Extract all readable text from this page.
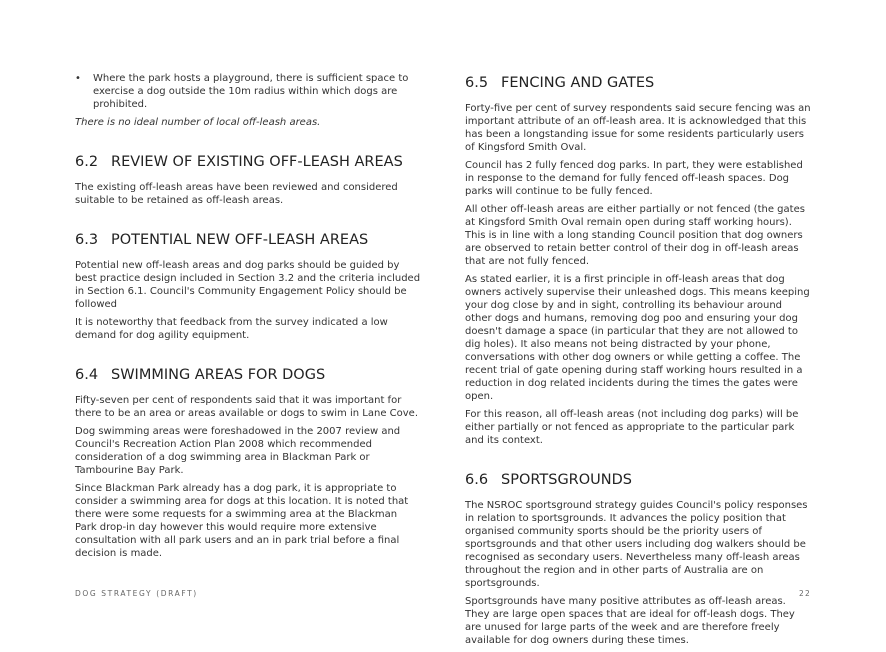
• Where the park hosts a playground, there is sufficient space to exercise a dog outside the 10m radius within which dogs are prohibited.

There is no ideal number of local off-leash areas.

6.2 REVIEW OF EXISTING OFF-LEASH AREAS

The existing off-leash areas have been reviewed and considered suitable to be retained as off-leash areas.

6.3 POTENTIAL NEW OFF-LEASH AREAS

Potential new off-leash areas and dog parks should be guided by best practice design included in Section 3.2 and the criteria included in Section 6.1. Council's Community Engagement Policy should be followed

It is noteworthy that feedback from the survey indicated a low demand for dog agility equipment.

6.4 SWIMMING AREAS FOR DOGS

Fifty-seven per cent of respondents said that it was important for there to be an area or areas available or dogs to swim in Lane Cove.

Dog swimming areas were foreshadowed in the 2007 review and Council's Recreation Action Plan 2008 which recommended consideration of a dog swimming area in Blackman Park or Tambourine Bay Park.

Since Blackman Park already has a dog park, it is appropriate to consider a swimming area for dogs at this location. It is noted that there were some requests for a swimming area at the Blackman Park drop-in day however this would require more extensive consultation with all park users and an in park trial before a final decision is made.

6.5 FENCING AND GATES

Forty-five per cent of survey respondents said secure fencing was an important attribute of an off-leash area. It is acknowledged that this has been a longstanding issue for some residents particularly users of Kingsford Smith Oval.

Council has 2 fully fenced dog parks. In part, they were established in response to the demand for fully fenced off-leash spaces. Dog parks will continue to be fully fenced.

All other off-leash areas are either partially or not fenced (the gates at Kingsford Smith Oval remain open during staff working hours). This is in line with a long standing Council position that dog owners are observed to retain better control of their dog in off-leash areas that are not fully fenced.

As stated earlier, it is a first principle in off-leash areas that dog owners actively supervise their unleashed dogs. This means keeping your dog close by and in sight, controlling its behaviour around other dogs and humans, removing dog poo and ensuring your dog doesn't damage a space (in particular that they are not allowed to dig holes). It also means not being distracted by your phone, conversations with other dog owners or while getting a coffee. The recent trial of gate opening during staff working hours resulted in a reduction in dog related incidents during the times the gates were open.

For this reason, all off-leash areas (not including dog parks) will be either partially or not fenced as appropriate to the particular park and its context.

6.6 SPORTSGROUNDS

The NSROC sportsground strategy guides Council's policy responses in relation to sportsgrounds. It advances the policy position that organised community sports should be the priority users of sportsgrounds and that other users including dog walkers should be recognised as secondary users. Nevertheless many off-leash areas throughout the region and in other parts of Australia are on sportsgrounds.

Sportsgrounds have many positive attributes as off-leash areas. They are large open spaces that are ideal for off-leash dogs. They are unused for large parts of the week and are therefore freely available for dog owners during these times.

DOG STRATEGY (DRAFT)	22
